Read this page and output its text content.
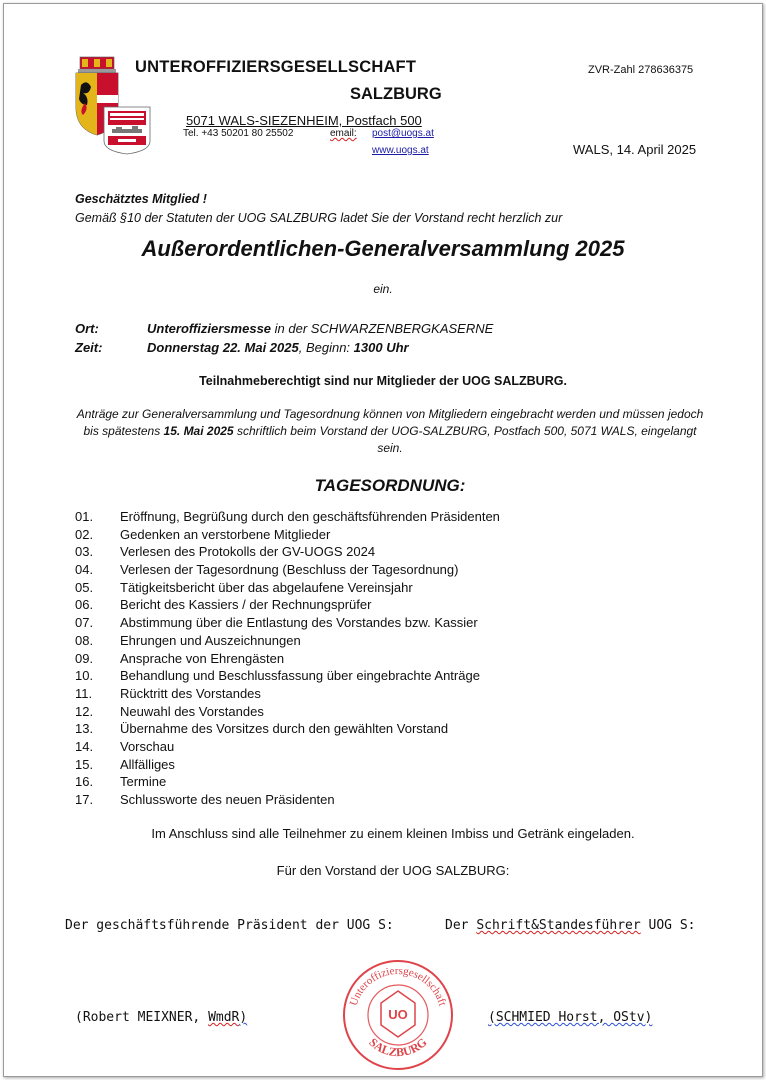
UNTEROFFIZIERSGESELLSCHAFT
SALZBURG
5071 WALS-SIEZENHEIM, Postfach 500
Tel. +43 50201 80 25502	email: post@uogs.at
www.uogs.at
ZVR-Zahl 278636375
WALS, 14. April 2025
Geschätztes Mitglied !
Gemäß §10 der Statuten der UOG SALZBURG ladet Sie der Vorstand recht herzlich zur
Außerordentlichen-Generalversammlung 2025
ein.
Ort:	Unteroffiziersmesse in der SCHWARZENBERGKASERNE
Zeit:	Donnerstag 22. Mai 2025, Beginn: 1300 Uhr
Teilnahmeberechtigt sind nur Mitglieder der UOG SALZBURG.
Anträge zur Generalversammlung und Tagesordnung können von Mitgliedern eingebracht werden und müssen jedoch bis spätestens 15. Mai 2025 schriftlich beim Vorstand der UOG-SALZBURG, Postfach 500, 5071 WALS, eingelangt sein.
TAGESORDNUNG:
01. Eröffnung, Begrüßung durch den geschäftsführenden Präsidenten
02. Gedenken an verstorbene Mitglieder
03. Verlesen des Protokolls der GV-UOGS 2024
04. Verlesen der Tagesordnung (Beschluss der Tagesordnung)
05. Tätigkeitsbericht über das abgelaufene Vereinsjahr
06. Bericht des Kassiers / der Rechnungsprüfer
07. Abstimmung über die Entlastung des Vorstandes bzw. Kassier
08. Ehrungen und Auszeichnungen
09. Ansprache von Ehrengästen
10. Behandlung und Beschlussfassung über eingebrachte Anträge
11. Rücktritt des Vorstandes
12. Neuwahl des Vorstandes
13. Übernahme des Vorsitzes durch den gewählten Vorstand
14. Vorschau
15. Allfälliges
16. Termine
17. Schlussworte des neuen Präsidenten
Im Anschluss sind alle Teilnehmer zu einem kleinen Imbiss und Getränk eingeladen.
Für den Vorstand der UOG SALZBURG:
Der geschäftsführende Präsident der UOG S:	Der Schrift&Standesführer UOG S:
(Robert MEIXNER, WmdR)	(SCHMIED Horst, OStv)
Unteroffiziersgesellschaft
SALZBURG
UO
